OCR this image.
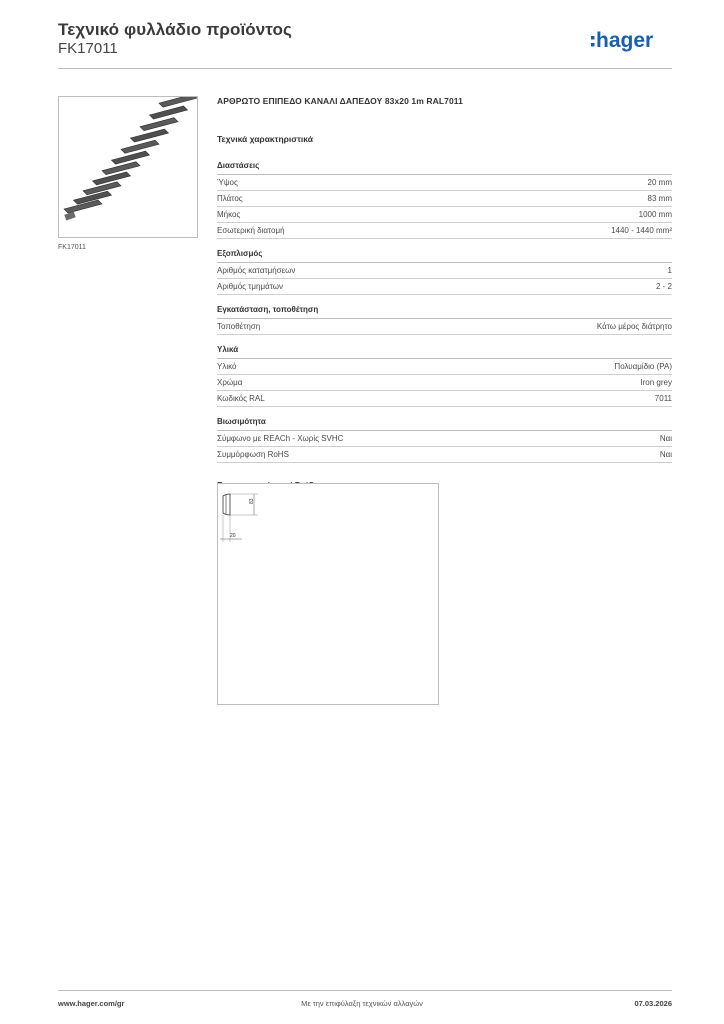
Τεχνικό φυλλάδιο προϊόντος
FK17011	hager
FK17011
ΑΡΘΡΩΤΟ ΕΠΙΠΕΔΟ ΚΑΝΑΛΙ ΔΑΠΕΔΟΥ 83x20 1m RAL7011
Τεχνικά χαρακτηριστικά
Διαστάσεις
Ύψος	20 mm
Πλάτος	83 mm
Μήκος	1000 mm
Εσωτερική διατομή	1440 - 1440 mm²
Εξοπλισμός
Αριθμός κατατμήσεων	1
Αριθμός τμημάτων	2 - 2
Εγκατάσταση, τοποθέτηση
Τοποθέτηση	Κάτω μέρος διάτρητο
Υλικά
Υλικό	Πολυαμίδιο (PA)
Χρώμα	Iron grey
Κωδικός RAL	7011
Βιωσιμότητα
Σύμφωνο με REACh - Χωρίς SVHC	Ναι
Συμμόρφωση RoHS	Ναι
83
20
www.hager.com/gr	Με την επιφύλαξη τεχνικών αλλαγών	07.03.2026
